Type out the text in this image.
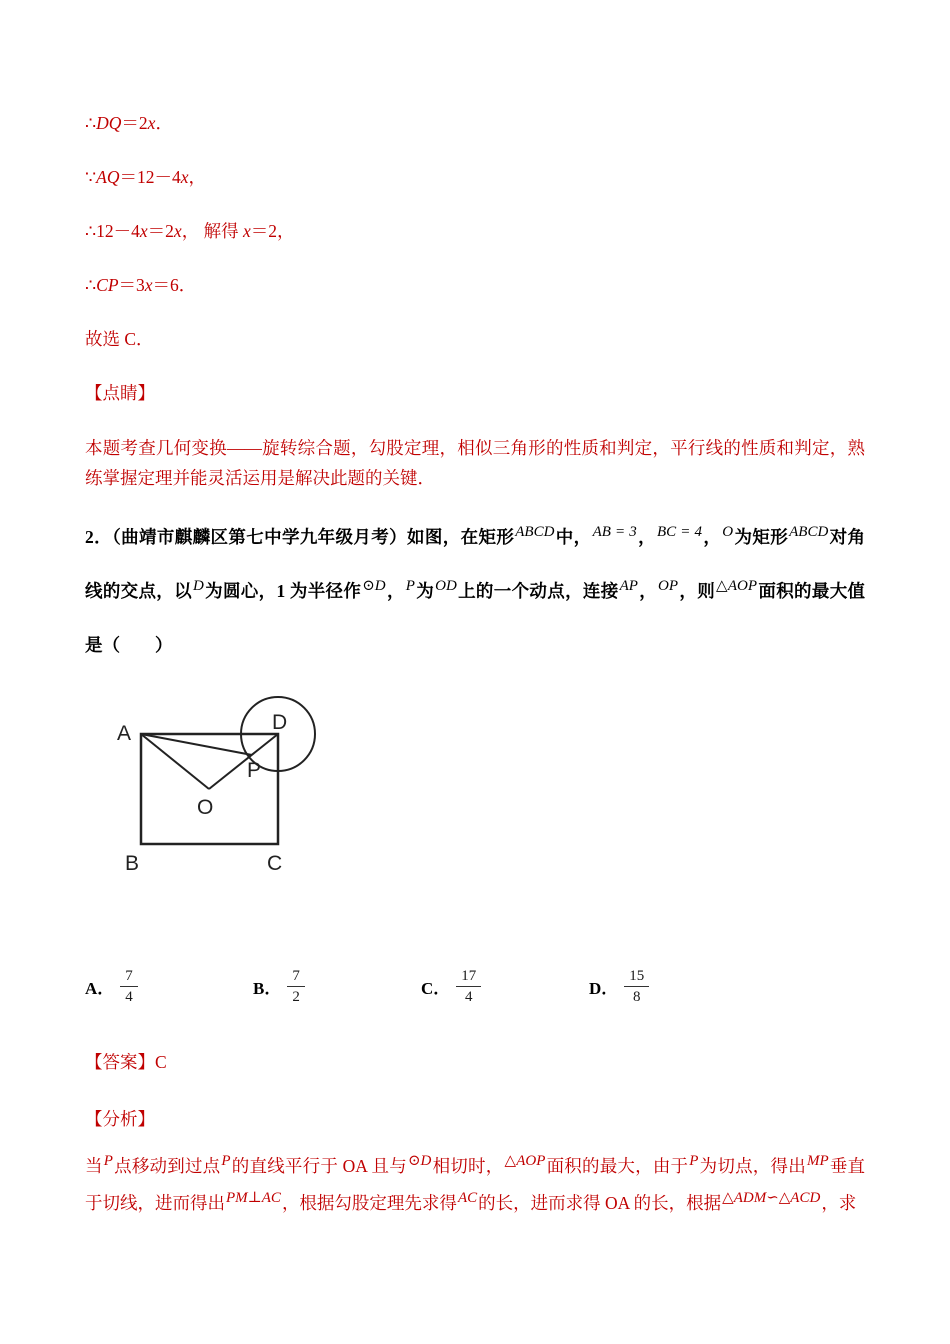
∴DQ＝2x．

∵AQ＝12－4x，

∴12－4x＝2x， 解得 x＝2，

∴CP＝3x＝6．

故选 C．

【点睛】

本题考查几何变换——旋转综合题，勾股定理，相似三角形的性质和判定，平行线的性质和判定，熟练掌握定理并能灵活运用是解决此题的关键．

2．（曲靖市麒麟区第七中学九年级月考）如图，在矩形ABCD中，AB = 3，BC = 4，O为矩形ABCD对角线的交点，以D为圆心，1 为半径作⊙D，P为OD上的一个动点，连接AP，OP，则△AOP面积的最大值是（　　）

A	D
P
O
B	C
A． $\frac{7}{4}$	B． $\frac{7}{2}$	C． $\frac{17}{4}$	D． $\frac{15}{8}$

【答案】C

【分析】

当P点移动到过点P的直线平行于 OA 且与⊙D相切时，△AOP面积的最大，由于P为切点，得出MP垂直于切线，进而得出PM⊥AC，根据勾股定理先求得AC的长，进而求得 OA 的长，根据△ADM∽△ACD，求
